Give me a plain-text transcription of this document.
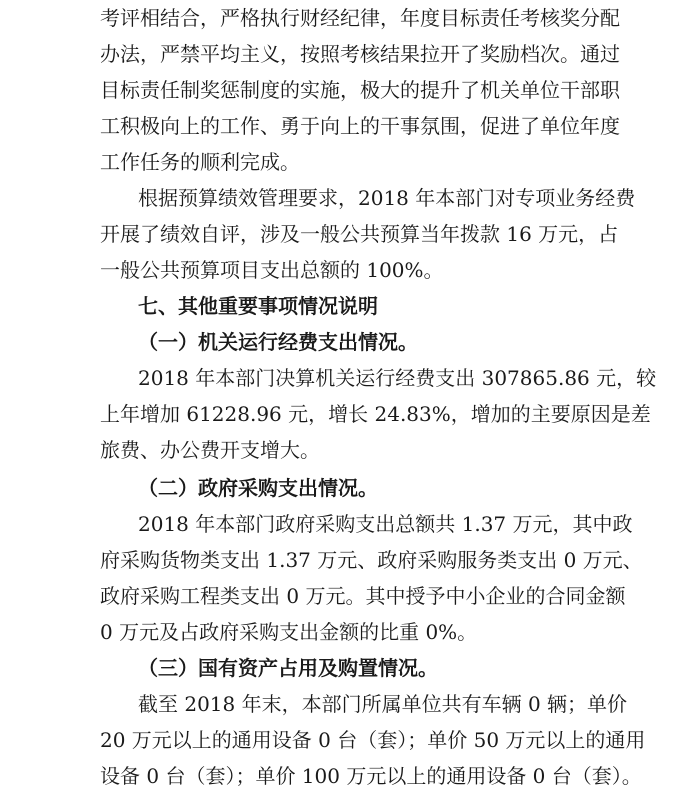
考评相结合，严格执行财经纪律，年度目标责任考核奖分配
办法，严禁平均主义，按照考核结果拉开了奖励档次。通过
目标责任制奖惩制度的实施，极大的提升了机关单位干部职
工积极向上的工作、勇于向上的干事氛围，促进了单位年度
工作任务的顺利完成。
根据预算绩效管理要求，2018 年本部门对专项业务经费
开展了绩效自评，涉及一般公共预算当年拨款 16 万元，占
一般公共预算项目支出总额的 100%。
七、其他重要事项情况说明
（一）机关运行经费支出情况。
2018 年本部门决算机关运行经费支出 307865.86 元，较
上年增加 61228.96 元，增长 24.83%，增加的主要原因是差
旅费、办公费开支增大。
（二）政府采购支出情况。
2018 年本部门政府采购支出总额共 1.37 万元，其中政
府采购货物类支出 1.37 万元、政府采购服务类支出 0 万元、
政府采购工程类支出 0 万元。其中授予中小企业的合同金额
0 万元及占政府采购支出金额的比重 0%。
（三）国有资产占用及购置情况。
截至 2018 年末，本部门所属单位共有车辆 0 辆；单价
20 万元以上的通用设备 0 台（套）；单价 50 万元以上的通用
设备 0 台（套）；单价 100 万元以上的通用设备 0 台（套）。
